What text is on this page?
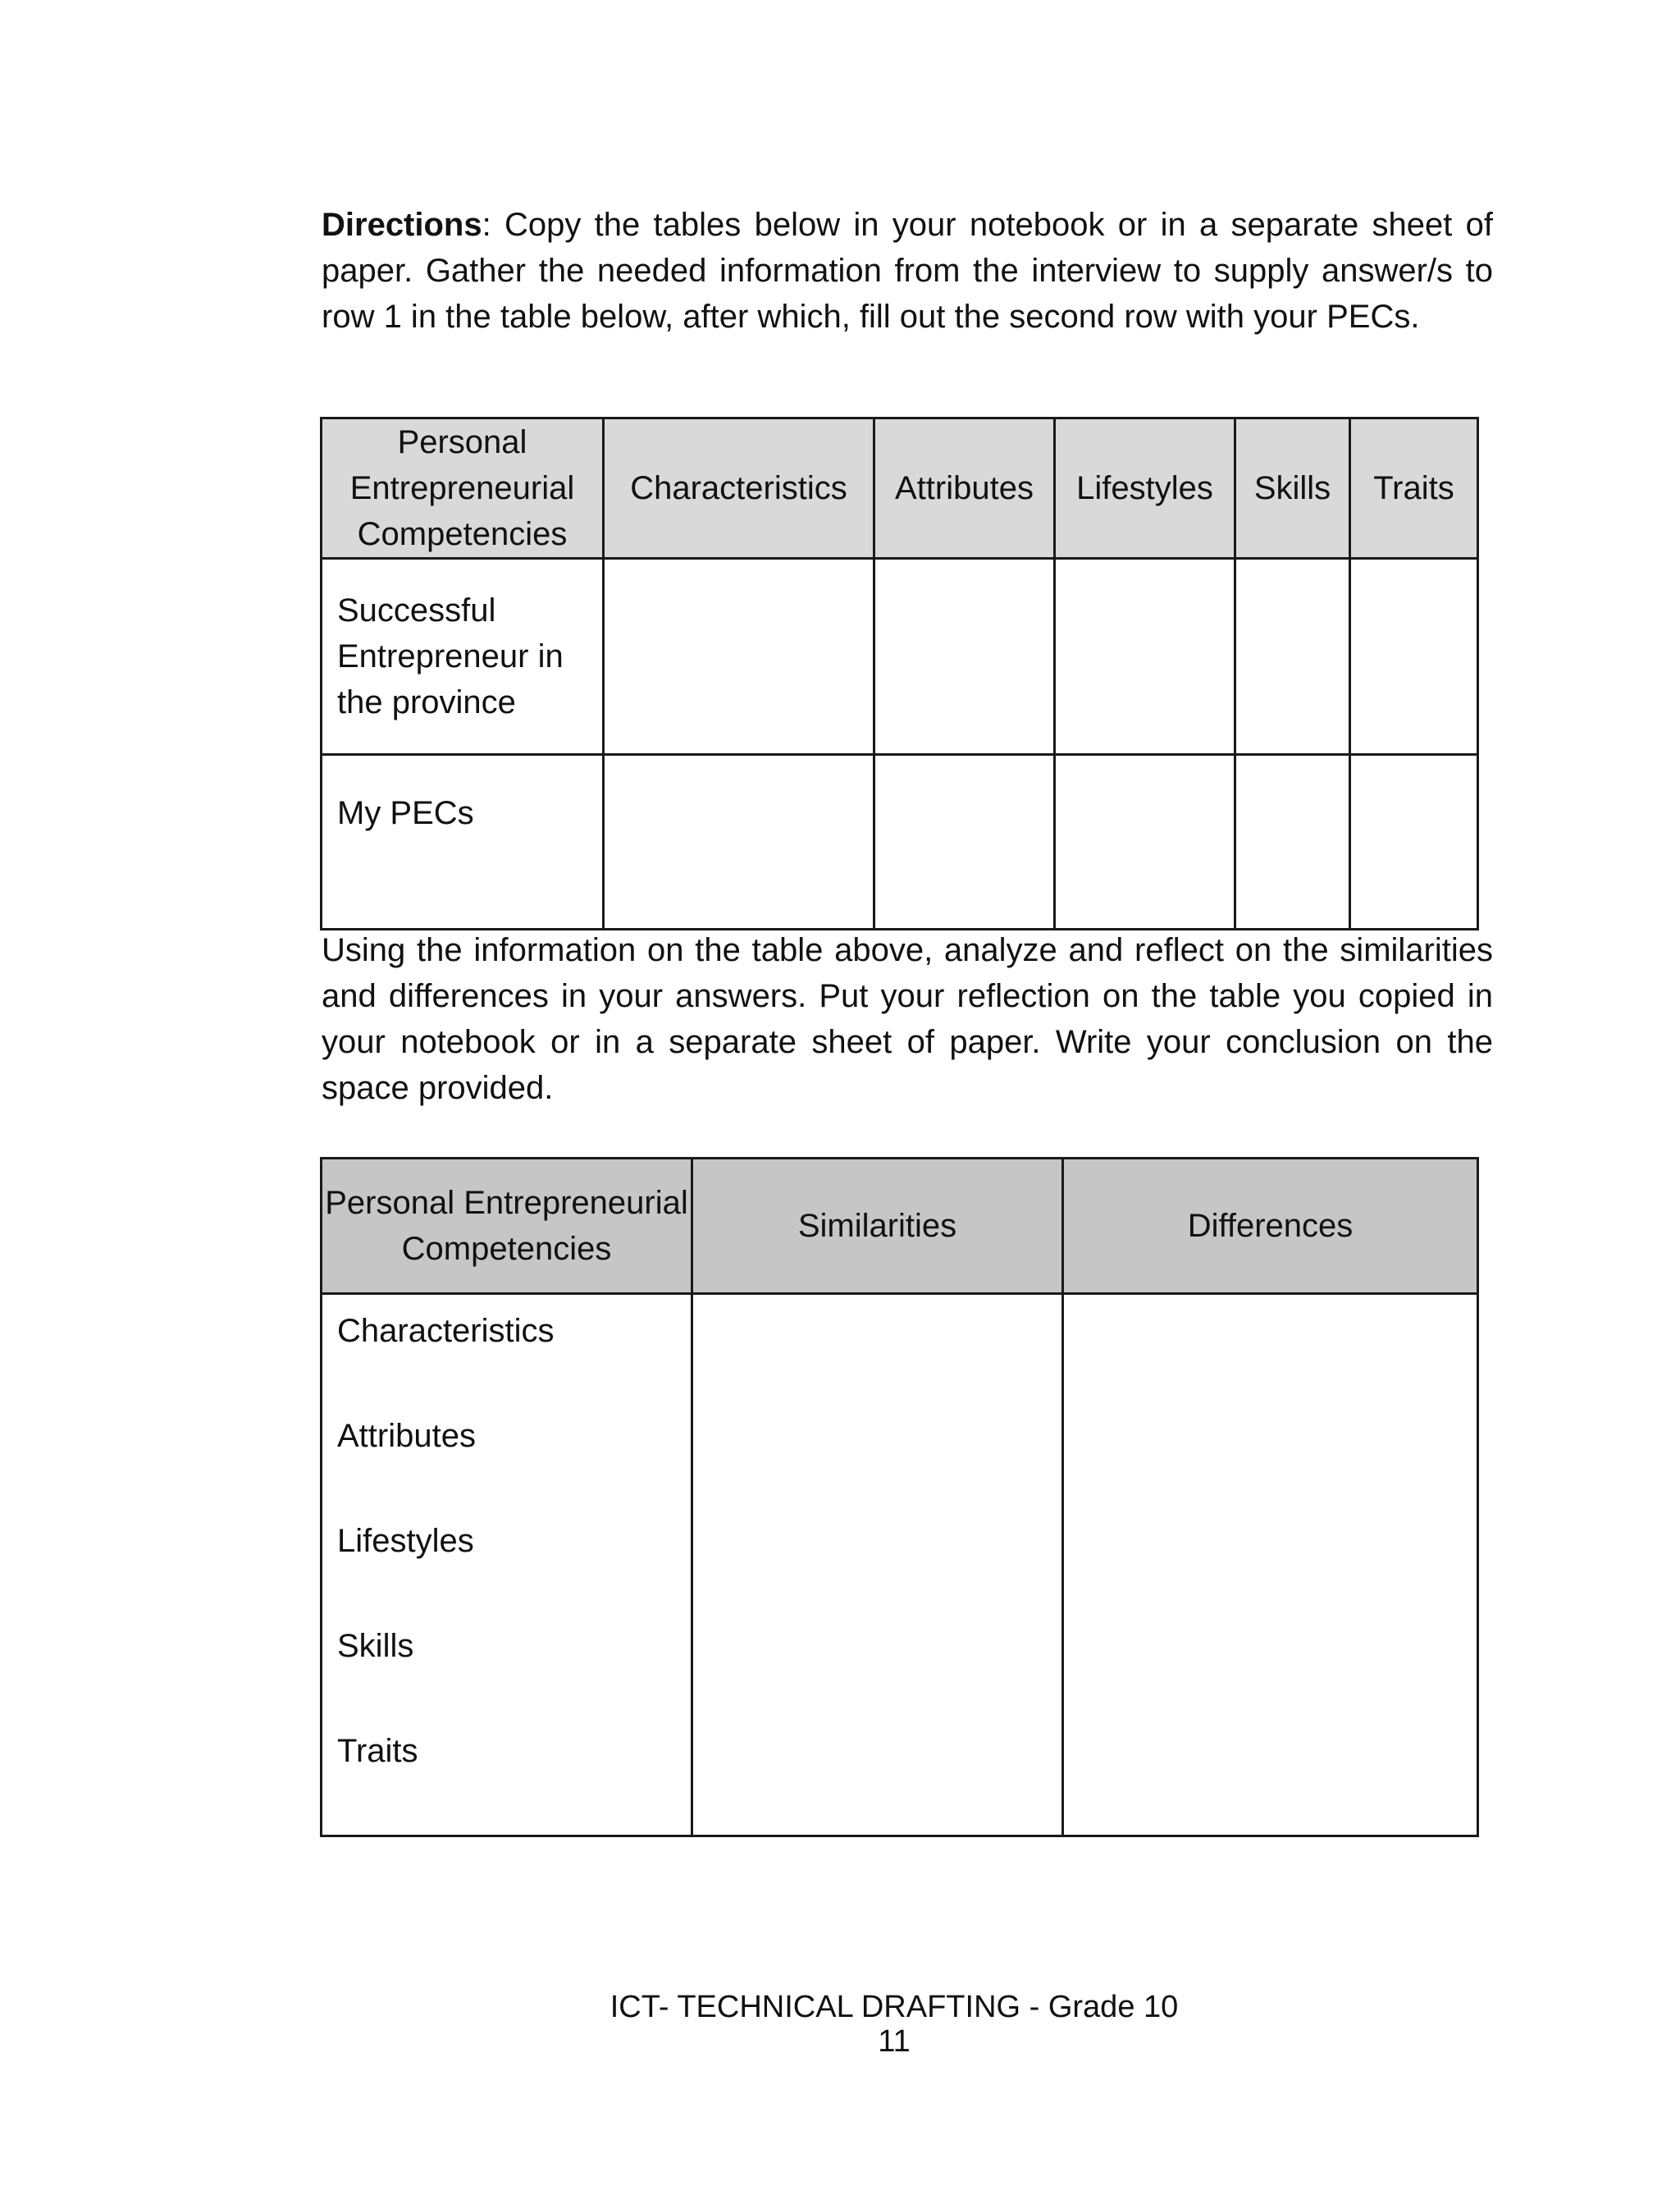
Directions: Copy the tables below in your notebook or in a separate sheet of paper. Gather the needed information from the interview to supply answer/s to row 1 in the table below, after which, fill out the second row with your PECs.

Personal Entrepreneurial Competencies	Characteristics	Attributes	Lifestyles	Skills	Traits
Successful Entrepreneur in the province					
My PECs					

Using the information on the table above, analyze and reflect on the similarities and differences in your answers. Put your reflection on the table you copied in your notebook or in a separate sheet of paper. Write your conclusion on the space provided.

Personal Entrepreneurial Competencies	Similarities	Differences

Characteristics
Attributes
Lifestyles
Skills
Traits		

ICT- TECHNICAL DRAFTING - Grade 10
11
